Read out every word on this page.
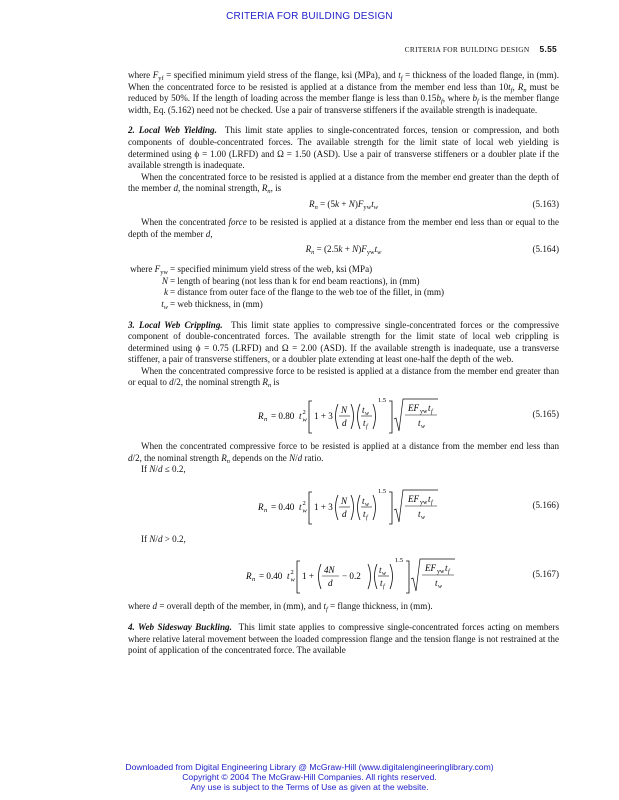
CRITERIA FOR BUILDING DESIGN
CRITERIA FOR BUILDING DESIGN 5.55

where $F_{yf}$ = specified minimum yield stress of the flange, ksi (MPa), and $t_f$ = thickness of the loaded flange, in (mm). When the concentrated force to be resisted is applied at a distance from the member end less than $10t_f$, $R_n$ must be reduced by 50%. If the length of loading across the member flange is less than $0.15b_f$, where $b_f$ is the member flange width, Eq. (5.162) need not be checked. Use a pair of transverse stiffeners if the available strength is inadequate.

2. Local Web Yielding.  This limit state applies to single-concentrated forces, tension or compression, and both components of double-concentrated forces. The available strength for the limit state of local web yielding is determined using ϕ = 1.00 (LRFD) and Ω = 1.50 (ASD). Use a pair of transverse stiffeners or a doubler plate if the available strength is inadequate.

When the concentrated force to be resisted is applied at a distance from the member end greater than the depth of the member d, the nominal strength, $R_n$, is

$R_n = (5k + N)F_{yw}t_w$	(5.163)

When the concentrated force to be resisted is applied at a distance from the member end less than or equal to the depth of the member d,

$R_n = (2.5k + N)F_{yw}t_w$	(5.164)
where $F_{yw}$ = specified minimum yield stress of the web, ksi (MPa)
N = length of bearing (not less than k for end beam reactions), in (mm)
k = distance from outer face of the flange to the web toe of the fillet, in (mm)
$t_w$ = web thickness, in (mm)

3. Local Web Crippling.  This limit state applies to compressive single-concentrated forces or the compressive component of double-concentrated forces. The available strength for the limit state of local web crippling is determined using ϕ = 0.75 (LRFD) and Ω = 2.00 (ASD). If the available strength is inadequate, use a transverse stiffener, a pair of transverse stiffeners, or a doubler plate extending at least one-half the depth of the web.

When the concentrated compressive force to be resisted is applied at a distance from the member end greater than or equal to d/2, the nominal strength $R_n$ is

R n = 0.80 t w
2 1 + 3
N
d
t w
t f
1.5
EF yw t f
t w
(5.165)

When the concentrated compressive force to be resisted is applied at a distance from the member end less than d/2, the nominal strength $R_n$ depends on the N/d ratio.

If N/d ≤ 0.2,

R n = 0.40 t w
2 1 + 3
N
d
t w
t f
1.5
EF yw t f
t w
(5.166)

If N/d > 0.2,

R n = 0.40 t w
2 1 +
4N
d
− 0.2
t w
t f
1.5
EF yw t f
t w
(5.167)

where d = overall depth of the member, in (mm), and $t_f$ = flange thickness, in (mm).

4. Web Sidesway Buckling. This limit state applies to compressive single-concentrated forces acting on members where relative lateral movement between the loaded compression flange and the tension flange is not restrained at the point of application of the concentrated force. The available

Downloaded from Digital Engineering Library @ McGraw-Hill (www.digitalengineeringlibrary.com)
Copyright © 2004 The McGraw-Hill Companies. All rights reserved.
Any use is subject to the Terms of Use as given at the website.
